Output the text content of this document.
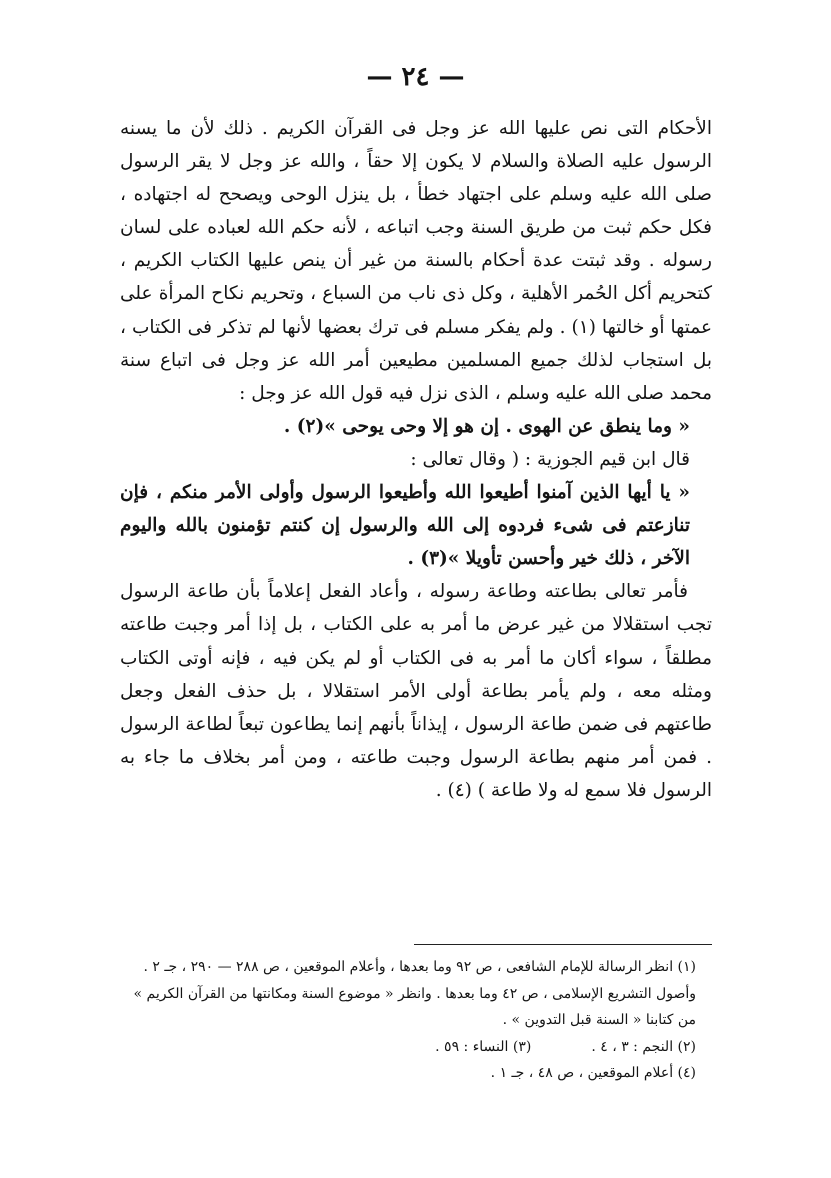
— ٢٤ —

الأحكام التى نص عليها الله عز وجل فى القرآن الكريم . ذلك لأن ما يسنه الرسول عليه الصلاة والسلام لا يكون إلا حقاً ، والله عز وجل لا يقر الرسول صلى الله عليه وسلم على اجتهاد خطأ ، بل ينزل الوحى ويصحح له اجتهاده ، فكل حكم ثبت من طريق السنة وجب اتباعه ، لأنه حكم الله لعباده على لسان رسوله . وقد ثبتت عدة أحكام بالسنة من غير أن ينص عليها الكتاب الكريم ، كتحريم أكل الحُمر الأهلية ، وكل ذى ناب من السباع ، وتحريم نكاح المرأة على عمتها أو خالتها (١) . ولم يفكر مسلم فى ترك بعضها لأنها لم تذكر فى الكتاب ، بل استجاب لذلك جميع المسلمين مطيعين أمر الله عز وجل فى اتباع سنة محمد صلى الله عليه وسلم ، الذى نزل فيه قول الله عز وجل :

« وما ينطق عن الهوى . إن هو إلا وحى يوحى »(٢) .

قال ابن قيم الجوزية : ( وقال تعالى :

« يا أيها الذين آمنوا أطيعوا الله وأطيعوا الرسول وأولى الأمر منكم ، فإن تنازعتم فى شىء فردوه إلى الله والرسول إن كنتم تؤمنون بالله واليوم الآخر ، ذلك خير وأحسن تأويلا »(٣) .

فأمر تعالى بطاعته وطاعة رسوله ، وأعاد الفعل إعلاماً بأن طاعة الرسول تجب استقلالا من غير عرض ما أمر به على الكتاب ، بل إذا أمر وجبت طاعته مطلقاً ، سواء أكان ما أمر به فى الكتاب أو لم يكن فيه ، فإنه أوتى الكتاب ومثله معه ، ولم يأمر بطاعة أولى الأمر استقلالا ، بل حذف الفعل وجعل طاعتهم فى ضمن طاعة الرسول ، إيذاناً بأنهم إنما يطاعون تبعاً لطاعة الرسول . فمن أمر منهم بطاعة الرسول وجبت طاعته ، ومن أمر بخلاف ما جاء به الرسول فلا سمع له ولا طاعة ) (٤) .

(١) انظر الرسالة للإمام الشافعى ، ص ٩٢ وما بعدها ، وأعلام الموقعين ، ص ٢٨٨ — ٢٩٠ ، جـ ٢ . وأصول التشريع الإسلامى ، ص ٤٢ وما بعدها . وانظر « موضوع السنة ومكانتها من القرآن الكريم » من كتابنا « السنة قبل التدوين » .

(٢) النجم : ٣ ، ٤ .
(٣) النساء : ٥٩ .

(٤) أعلام الموقعين ، ص ٤٨ ، جـ ١ .
